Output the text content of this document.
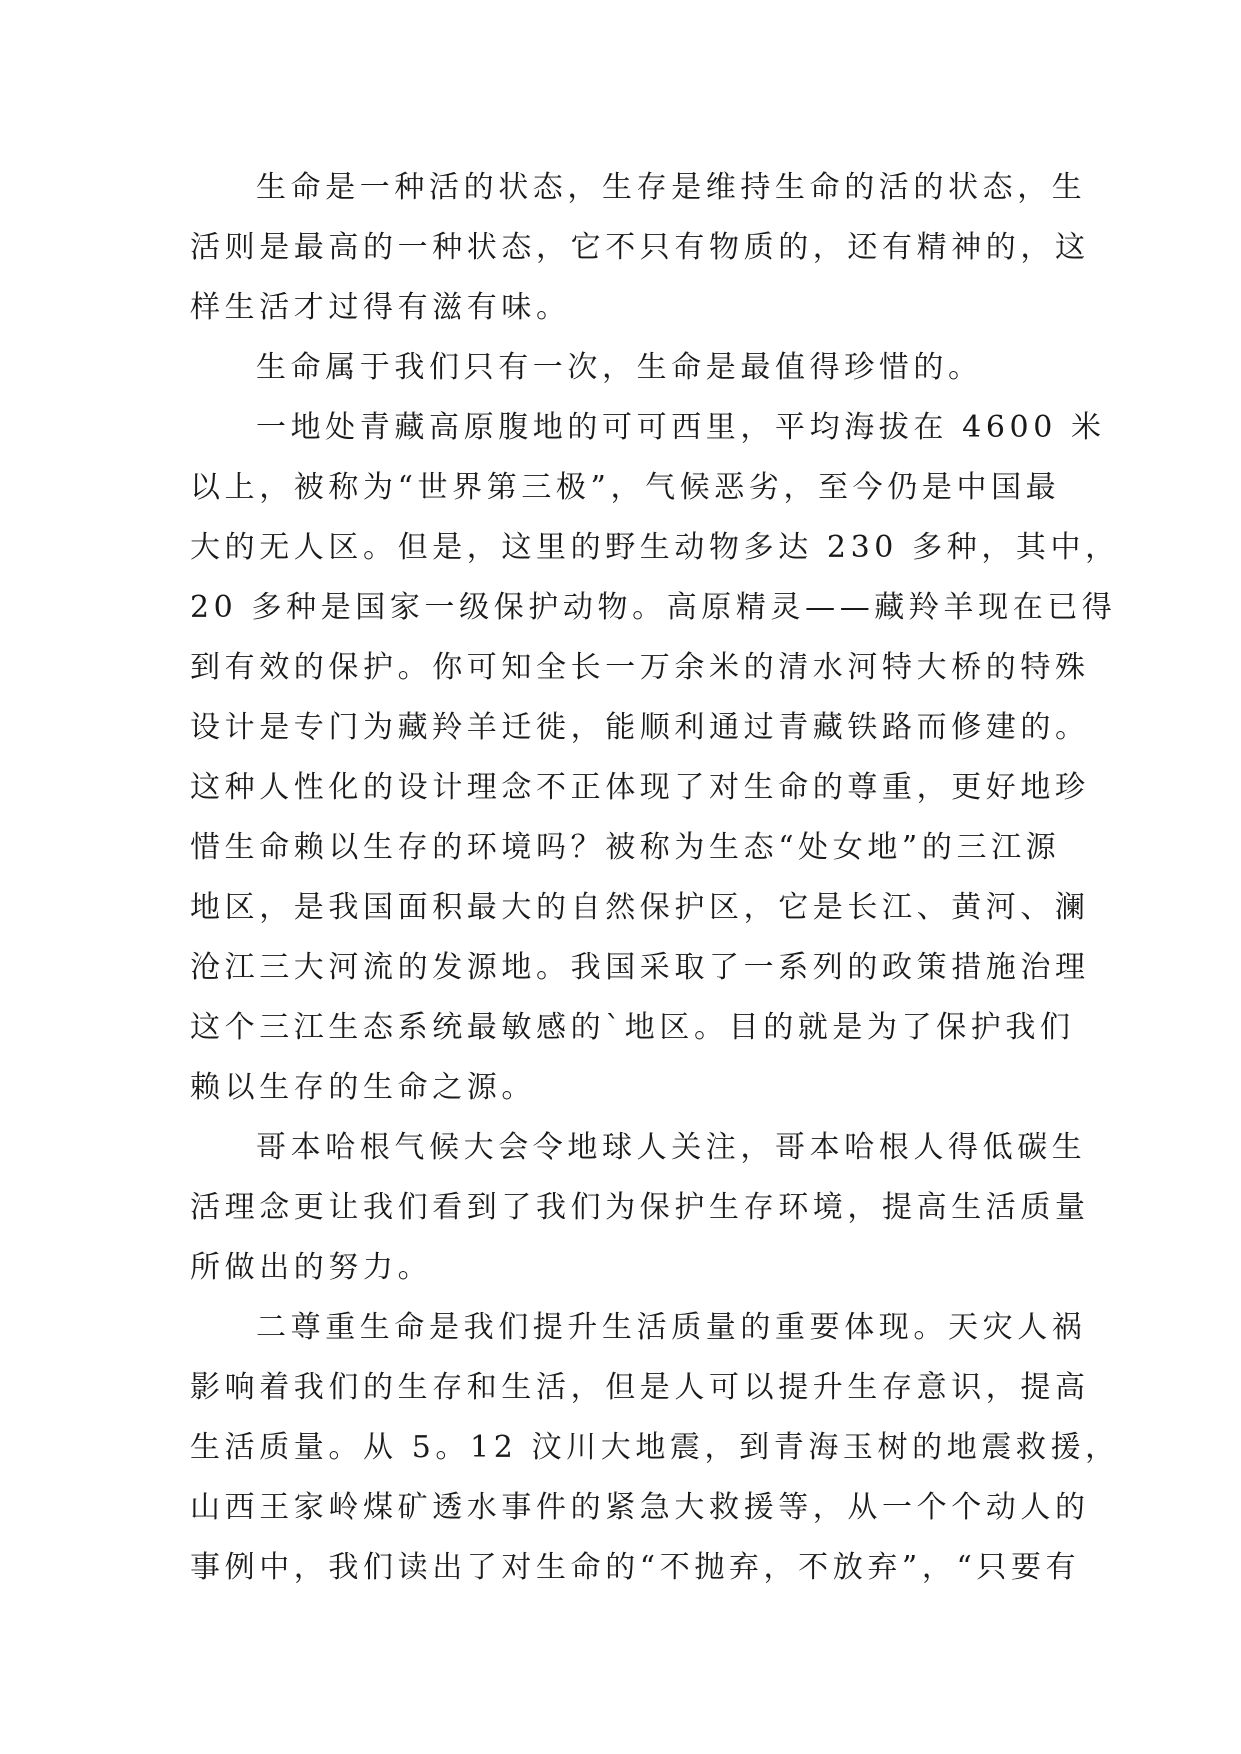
生命是一种活的状态，生存是维持生命的活的状态，生
活则是最高的一种状态，它不只有物质的，还有精神的，这
样生活才过得有滋有味。
生命属于我们只有一次，生命是最值得珍惜的。
一地处青藏高原腹地的可可西里，平均海拔在 4600 米
以上，被称为“世界第三极”，气候恶劣，至今仍是中国最
大的无人区。但是，这里的野生动物多达 230 多种，其中，
20 多种是国家一级保护动物。高原精灵——藏羚羊现在已得
到有效的保护。你可知全长一万余米的清水河特大桥的特殊
设计是专门为藏羚羊迁徙，能顺利通过青藏铁路而修建的。
这种人性化的设计理念不正体现了对生命的尊重，更好地珍
惜生命赖以生存的环境吗？被称为生态“处女地”的三江源
地区，是我国面积最大的自然保护区，它是长江、黄河、澜
沧江三大河流的发源地。我国采取了一系列的政策措施治理
这个三江生态系统最敏感的`地区。目的就是为了保护我们
赖以生存的生命之源。
哥本哈根气候大会令地球人关注，哥本哈根人得低碳生
活理念更让我们看到了我们为保护生存环境，提高生活质量
所做出的努力。
二尊重生命是我们提升生活质量的重要体现。天灾人祸
影响着我们的生存和生活，但是人可以提升生存意识，提高
生活质量。从 5。12 汶川大地震，到青海玉树的地震救援，
山西王家岭煤矿透水事件的紧急大救援等，从一个个动人的
事例中，我们读出了对生命的“不抛弃，不放弃”，“只要有
